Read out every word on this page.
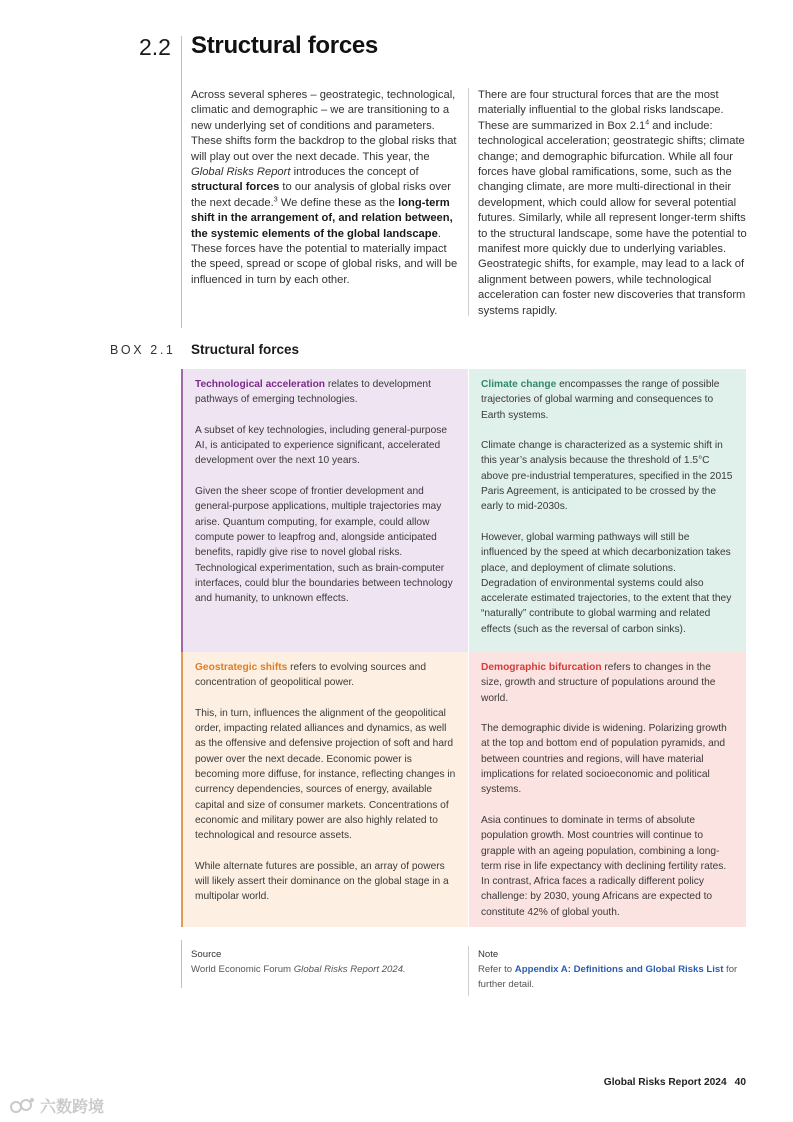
2.2 Structural forces
Across several spheres – geostrategic, technological, climatic and demographic – we are transitioning to a new underlying set of conditions and parameters. These shifts form the backdrop to the global risks that will play out over the next decade. This year, the Global Risks Report introduces the concept of structural forces to our analysis of global risks over the next decade.$^3$ We define these as the long-term shift in the arrangement of, and relation between, the systemic elements of the global landscape. These forces have the potential to materially impact the speed, spread or scope of global risks, and will be influenced in turn by each other.
There are four structural forces that are the most materially influential to the global risks landscape. These are summarized in Box $2.1^4$ and include: technological acceleration; geostrategic shifts; climate change; and demographic bifurcation. While all four forces have global ramifications, some, such as the changing climate, are more multi-directional in their development, which could allow for several potential futures. Similarly, while all represent longer-term shifts to the structural landscape, some have the potential to manifest more quickly due to underlying variables. Geostrategic shifts, for example, may lead to a lack of alignment between powers, while technological acceleration can foster new discoveries that transform systems rapidly.
BOX 2.1 Structural forces

Technological acceleration relates to development pathways of emerging technologies.

A subset of key technologies, including general-purpose AI, is anticipated to experience significant, accelerated development over the next 10 years.

Given the sheer scope of frontier development and general-purpose applications, multiple trajectories may arise. Quantum computing, for example, could allow compute power to leapfrog and, alongside anticipated benefits, rapidly give rise to novel global risks. Technological experimentation, such as brain-computer interfaces, could blur the boundaries between technology and humanity, to unknown effects.

Climate change encompasses the range of possible trajectories of global warming and consequences to Earth systems.

Climate change is characterized as a systemic shift in this year’s analysis because the threshold of 1.5°C above pre-industrial temperatures, specified in the 2015 Paris Agreement, is anticipated to be crossed by the early to mid-2030s.

However, global warming pathways will still be influenced by the speed at which decarbonization takes place, and deployment of climate solutions. Degradation of environmental systems could also accelerate estimated trajectories, to the extent that they “naturally” contribute to global warming and related effects (such as the reversal of carbon sinks).

Geostrategic shifts refers to evolving sources and concentration of geopolitical power.

This, in turn, influences the alignment of the geopolitical order, impacting related alliances and dynamics, as well as the offensive and defensive projection of soft and hard power over the next decade. Economic power is becoming more diffuse, for instance, reflecting changes in currency dependencies, sources of energy, available capital and size of consumer markets. Concentrations of economic and military power are also highly related to technological and resource assets.

While alternate futures are possible, an array of powers will likely assert their dominance on the global stage in a multipolar world.

Demographic bifurcation refers to changes in the size, growth and structure of populations around the world.

The demographic divide is widening. Polarizing growth at the top and bottom end of population pyramids, and between countries and regions, will have material implications for related socioeconomic and political systems.

Asia continues to dominate in terms of absolute population growth. Most countries will continue to grapple with an ageing population, combining a long-term rise in life expectancy with declining fertility rates. In contrast, Africa faces a radically different policy challenge: by 2030, young Africans are expected to constitute 42% of global youth.

Source
World Economic Forum Global Risks Report 2024.
Note
Refer to Appendix A: Definitions and Global Risks List for further detail.
Global Risks Report 2024 40
六数跨境
